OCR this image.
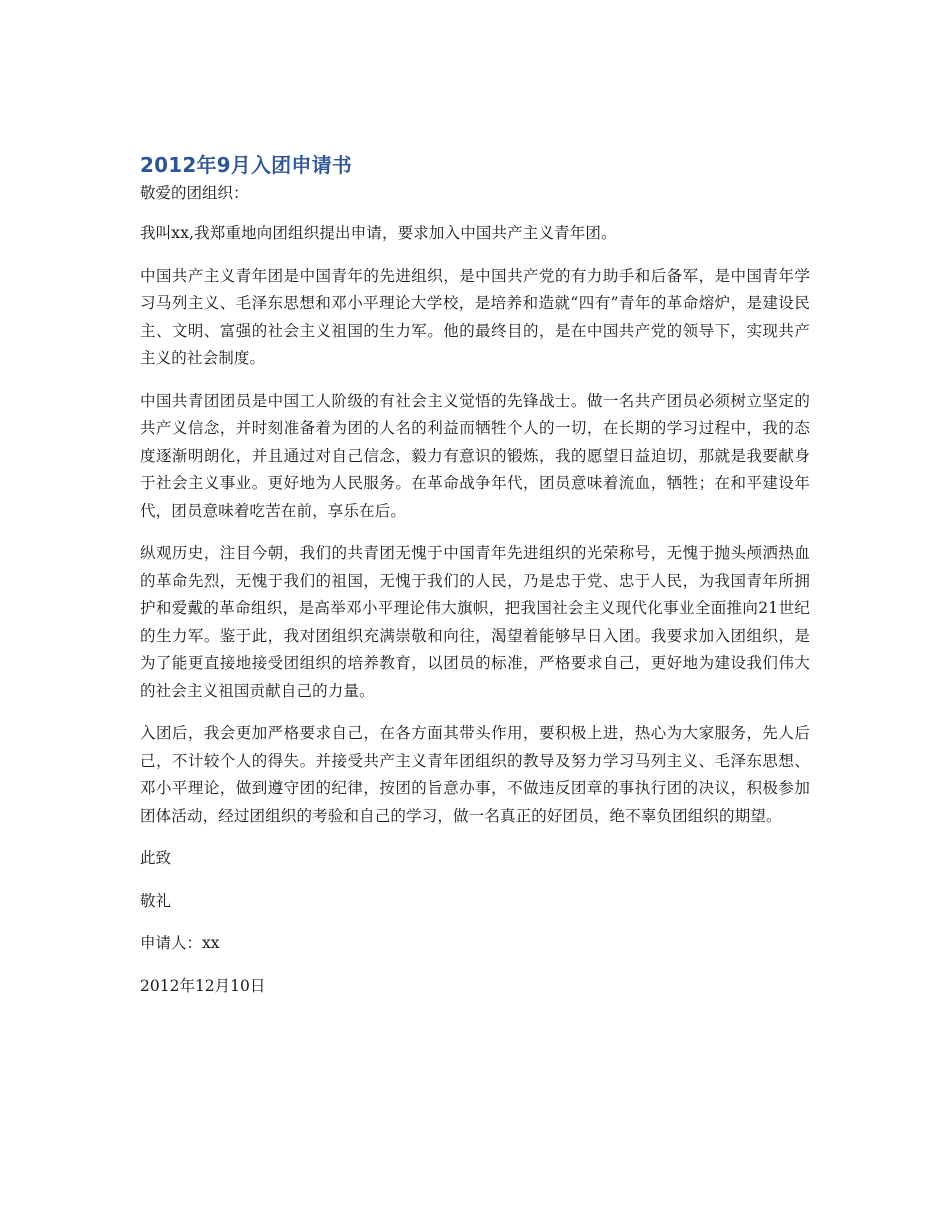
2012年9月入团申请书

敬爱的团组织：

我叫xx,我郑重地向团组织提出申请，要求加入中国共产主义青年团。

中国共产主义青年团是中国青年的先进组织，是中国共产党的有力助手和后备军，是中国青年学习马列主义、毛泽东思想和邓小平理论大学校，是培养和造就“四有”青年的革命熔炉，是建设民主、文明、富强的社会主义祖国的生力军。他的最终目的，是在中国共产党的领导下，实现共产主义的社会制度。

中国共青团团员是中国工人阶级的有社会主义觉悟的先锋战士。做一名共产团员必须树立坚定的共产义信念，并时刻准备着为团的人名的利益而牺牲个人的一切，在长期的学习过程中，我的态度逐渐明朗化，并且通过对自己信念，毅力有意识的锻炼，我的愿望日益迫切，那就是我要献身于社会主义事业。更好地为人民服务。在革命战争年代，团员意味着流血，牺牲；在和平建设年代，团员意味着吃苦在前，享乐在后。

纵观历史，注目今朝，我们的共青团无愧于中国青年先进组织的光荣称号，无愧于抛头颅洒热血的革命先烈，无愧于我们的祖国，无愧于我们的人民，乃是忠于党、忠于人民，为我国青年所拥护和爱戴的革命组织，是高举邓小平理论伟大旗帜，把我国社会主义现代化事业全面推向21世纪的生力军。鉴于此，我对团组织充满崇敬和向往，渴望着能够早日入团。我要求加入团组织，是为了能更直接地接受团组织的培养教育，以团员的标准，严格要求自己，更好地为建设我们伟大的社会主义祖国贡献自己的力量。

入团后，我会更加严格要求自己，在各方面其带头作用，要积极上进，热心为大家服务，先人后己，不计较个人的得失。并接受共产主义青年团组织的教导及努力学习马列主义、毛泽东思想、邓小平理论，做到遵守团的纪律，按团的旨意办事，不做违反团章的事执行团的决议，积极参加团体活动，经过团组织的考验和自己的学习，做一名真正的好团员，绝不辜负团组织的期望。

此致

敬礼

申请人：xx

2012年12月10日
